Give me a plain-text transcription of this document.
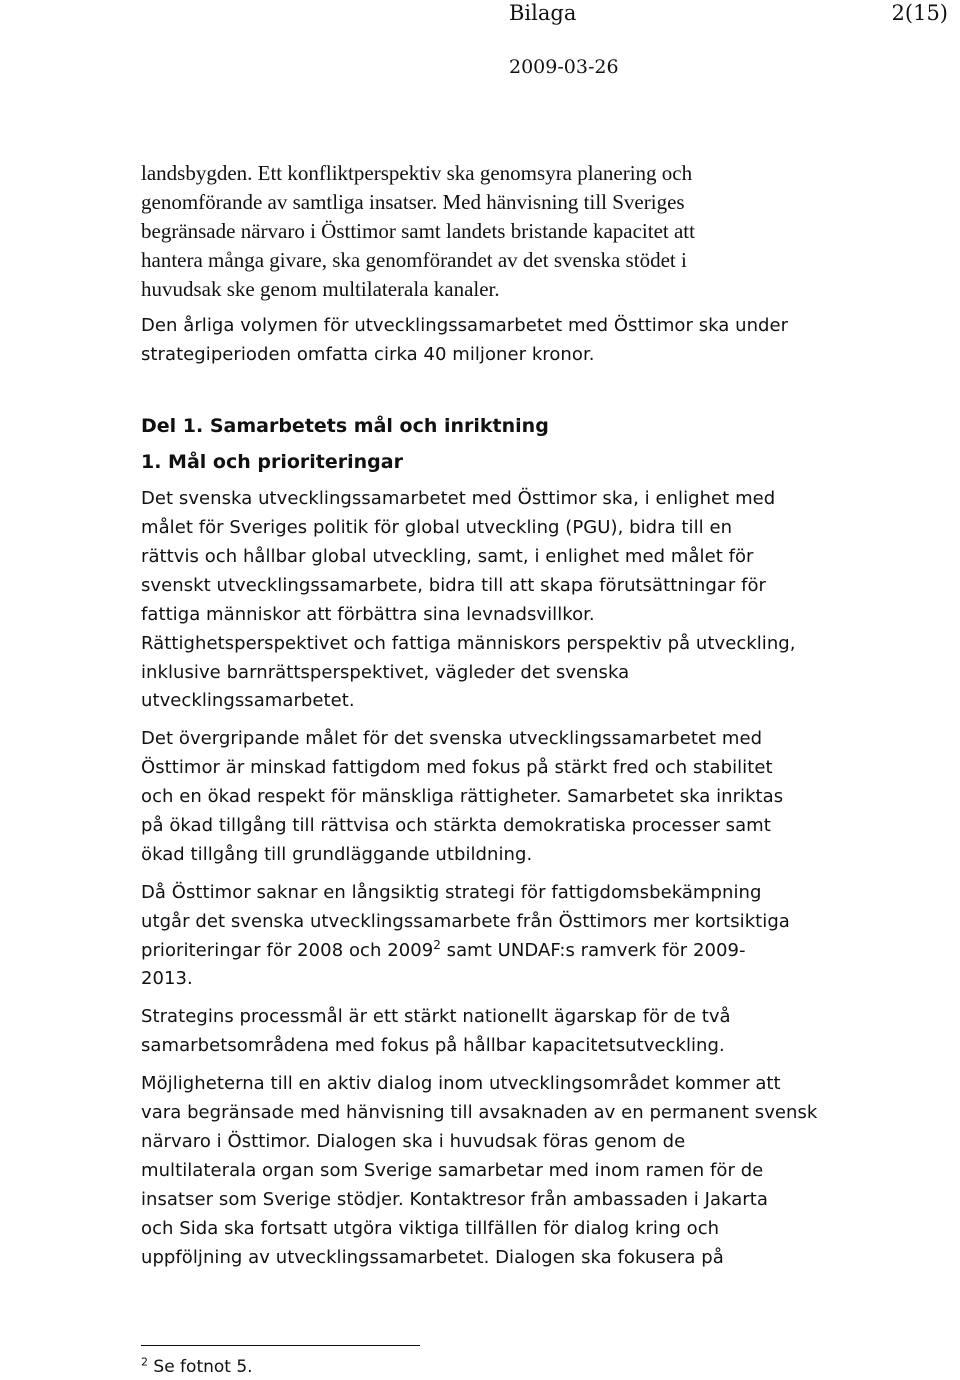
Bilaga	2(15)
2009-03-26
landsbygden. Ett konfliktperspektiv ska genomsyra planering och
genomförande av samtliga insatser. Med hänvisning till Sveriges
begränsade närvaro i Östtimor samt landets bristande kapacitet att
hantera många givare, ska genomförandet av det svenska stödet i
huvudsak ske genom multilaterala kanaler.
Den årliga volymen för utvecklingssamarbetet med Östtimor ska under
strategiperioden omfatta cirka 40 miljoner kronor.
Del 1. Samarbetets mål och inriktning
1. Mål och prioriteringar
Det svenska utvecklingssamarbetet med Östtimor ska, i enlighet med
målet för Sveriges politik för global utveckling (PGU), bidra till en
rättvis och hållbar global utveckling, samt, i enlighet med målet för
svenskt utvecklingssamarbete, bidra till att skapa förutsättningar för
fattiga människor att förbättra sina levnadsvillkor.
Rättighetsperspektivet och fattiga människors perspektiv på utveckling,
inklusive barnrättsperspektivet, vägleder det svenska
utvecklingssamarbetet.
Det övergripande målet för det svenska utvecklingssamarbetet med
Östtimor är minskad fattigdom med fokus på stärkt fred och stabilitet
och en ökad respekt för mänskliga rättigheter. Samarbetet ska inriktas
på ökad tillgång till rättvisa och stärkta demokratiska processer samt
ökad tillgång till grundläggande utbildning.
Då Östtimor saknar en långsiktig strategi för fattigdomsbekämpning
utgår det svenska utvecklingssamarbete från Östtimors mer kortsiktiga
prioriteringar för 2008 och 2009$^2$ samt UNDAF:s ramverk för 2009-
2013.
Strategins processmål är ett stärkt nationellt ägarskap för de två
samarbetsområdena med fokus på hållbar kapacitetsutveckling.
Möjligheterna till en aktiv dialog inom utvecklingsområdet kommer att
vara begränsade med hänvisning till avsaknaden av en permanent svensk
närvaro i Östtimor. Dialogen ska i huvudsak föras genom de
multilaterala organ som Sverige samarbetar med inom ramen för de
insatser som Sverige stödjer. Kontaktresor från ambassaden i Jakarta
och Sida ska fortsatt utgöra viktiga tillfällen för dialog kring och
uppföljning av utvecklingssamarbetet. Dialogen ska fokusera på
$^2$ Se fotnot 5.
